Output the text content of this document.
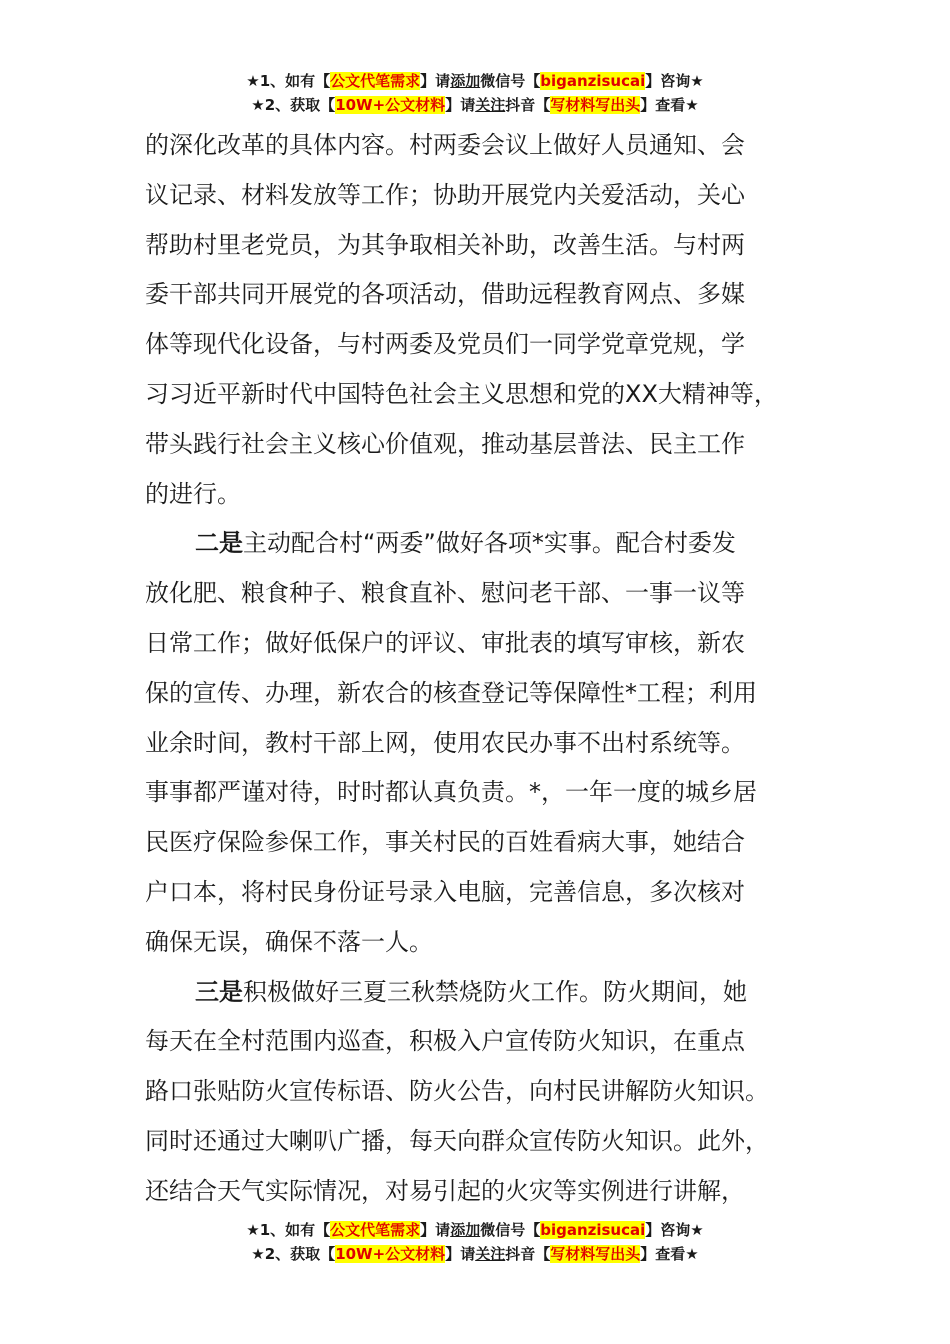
★1、如有【公文代笔需求】请添加微信号【biganzisucai】咨询★
★2、获取【10W+公文材料】请关注抖音【写材料写出头】查看★

的深化改革的具体内容。村两委会议上做好人员通知、会
议记录、材料发放等工作；协助开展党内关爱活动，关心
帮助村里老党员，为其争取相关补助，改善生活。与村两
委干部共同开展党的各项活动，借助远程教育网点、多媒
体等现代化设备，与村两委及党员们一同学党章党规，学
习习近平新时代中国特色社会主义思想和党的XX大精神等，
带头践行社会主义核心价值观，推动基层普法、民主工作
的进行。

二是主动配合村“两委”做好各项*实事。配合村委发
放化肥、粮食种子、粮食直补、慰问老干部、一事一议等
日常工作；做好低保户的评议、审批表的填写审核，新农
保的宣传、办理，新农合的核查登记等保障性*工程；利用
业余时间，教村干部上网，使用农民办事不出村系统等。
事事都严谨对待，时时都认真负责。*，一年一度的城乡居
民医疗保险参保工作，事关村民的百姓看病大事，她结合
户口本，将村民身份证号录入电脑，完善信息，多次核对
确保无误，确保不落一人。

三是积极做好三夏三秋禁烧防火工作。防火期间，她
每天在全村范围内巡查，积极入户宣传防火知识，在重点
路口张贴防火宣传标语、防火公告，向村民讲解防火知识。
同时还通过大喇叭广播，每天向群众宣传防火知识。此外，
还结合天气实际情况，对易引起的火灾等实例进行讲解，

★1、如有【公文代笔需求】请添加微信号【biganzisucai】咨询★
★2、获取【10W+公文材料】请关注抖音【写材料写出头】查看★
